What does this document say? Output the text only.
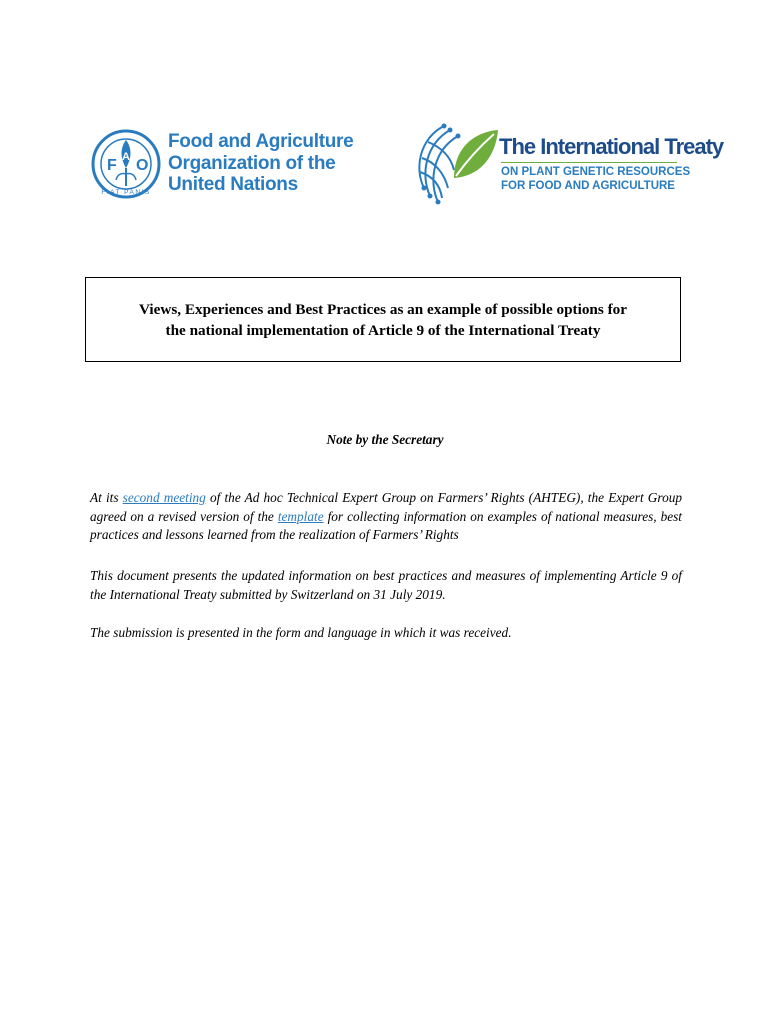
F A O
FIAT PANIS
Food and Agriculture
Organization of the
United Nations
The International Treaty
ON PLANT GENETIC RESOURCES
FOR FOOD AND AGRICULTURE
Views, Experiences and Best Practices as an example of possible options for
the national implementation of Article 9 of the International Treaty
Note by the Secretary
At its second meeting of the Ad hoc Technical Expert Group on Farmers’ Rights (AHTEG), the Expert Group agreed on a revised version of the template for collecting information on examples of national measures, best practices and lessons learned from the realization of Farmers’ Rights
This document presents the updated information on best practices and measures of implementing Article 9 of the International Treaty submitted by Switzerland on 31 July 2019.
The submission is presented in the form and language in which it was received.
